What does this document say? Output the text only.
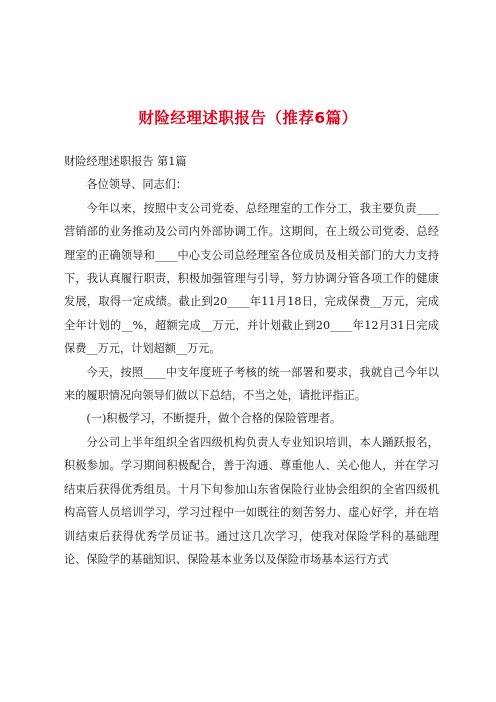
财险经理述职报告（推荐6篇）

财险经理述职报告 第1篇

各位领导、同志们：

今年以来，按照中支公司党委、总经理室的工作分工，我主要负责____营销部的业务推动及公司内外部协调工作。这期间，在上级公司党委、总经理室的正确领导和____中心支公司总经理室各位成员及相关部门的大力支持下，我认真履行职责，积极加强管理与引导，努力协调分管各项工作的健康发展，取得一定成绩。截止到20____年11月18日，完成保费__万元，完成全年计划的__%，超额完成__万元，并计划截止到20____年12月31日完成保费__万元，计划超额__万元。

今天，按照____中支年度班子考核的统一部署和要求，我就自己今年以来的履职情况向领导们做以下总结，不当之处，请批评指正。

(一)积极学习，不断提升，做个合格的保险管理者。

分公司上半年组织全省四级机构负责人专业知识培训，本人踊跃报名，积极参加。学习期间积极配合，善于沟通、尊重他人、关心他人，并在学习结束后获得优秀组员。十月下旬参加山东省保险行业协会组织的全省四级机构高管人员培训学习，学习过程中一如既往的刻苦努力、虚心好学，并在培训结束后获得优秀学员证书。通过这几次学习，使我对保险学科的基础理论、保险学的基础知识、保险基本业务以及保险市场基本运行方式
